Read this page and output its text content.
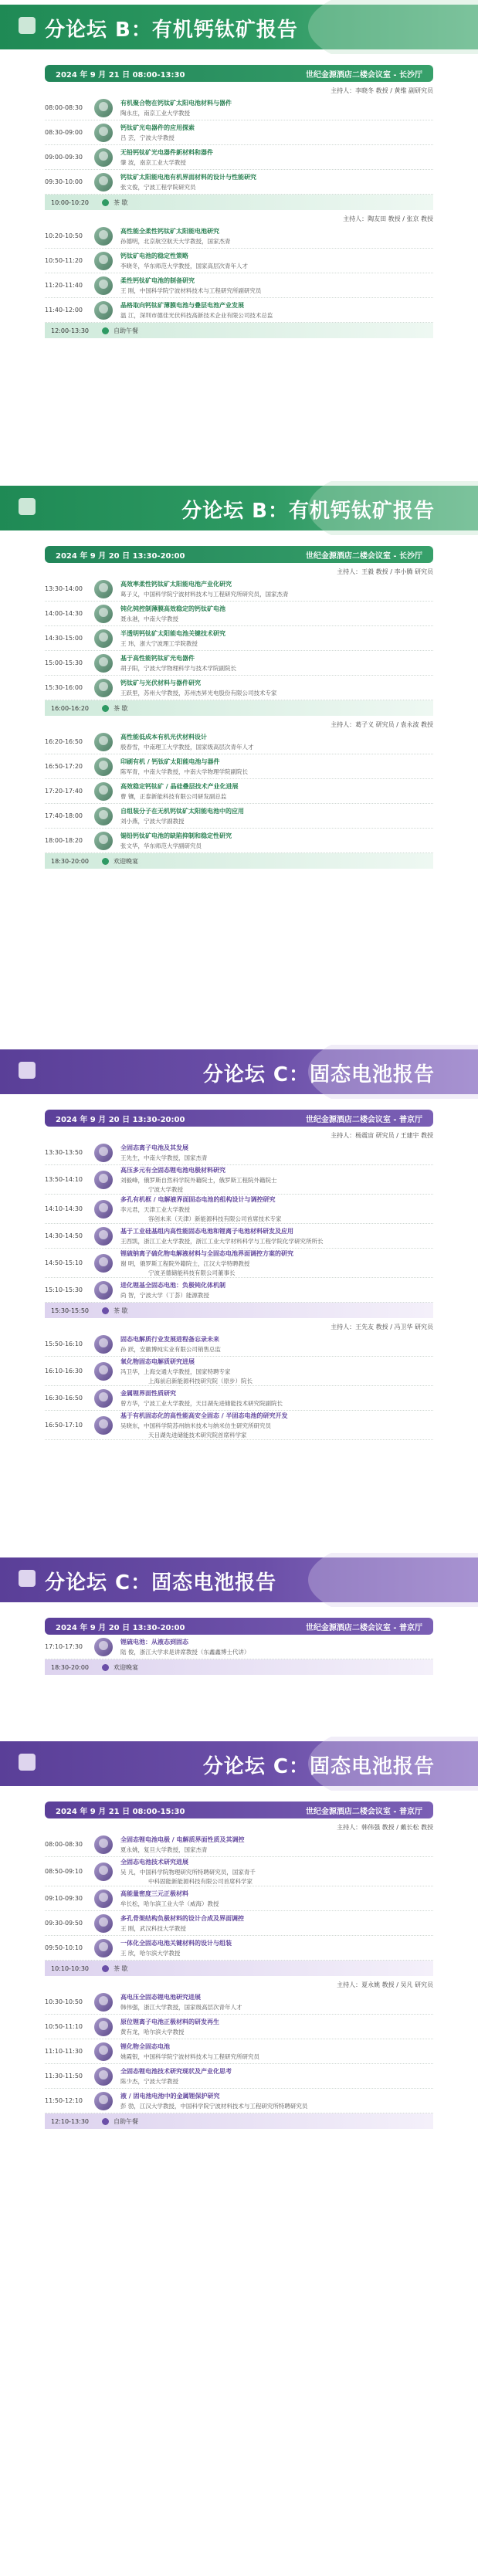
分论坛 B：有机钙钛矿报告
2024 年 9 月 21 日 08:00-13:30	世纪金源酒店二楼会议室 - 长沙厅
主持人：李晓冬 教授 / 黄维 副研究员
08:00-08:30
有机聚合物在钙钛矿太阳电池材料与器件
陶永庄，南京工业大学教授
08:30-09:00
钙钛矿光电器件的应用探索
吕 芸，宁波大学教授
09:00-09:30
无铅钙钛矿光电器件新材料和器件
肇 波，南京工业大学教授
09:30-10:00
钙钛矿太阳能电池有机界面材料的设计与性能研究
张文俊，宁波工程学院研究员
10:00-10:20	茶 歇
主持人：陶友田 教授 / 张京 教授
10:20-10:50
高性能全柔性钙钛矿太阳能电池研究
孙德明，北京航空航天大学教授，国家杰青
10:50-11:20
钙钛矿电池的稳定性策略
李晓冬，华东师范大学教授，国家高层次青年人才
11:20-11:40
柔性钙钛矿电池的制备研究
王 刚，中国科学院宁波材料技术与工程研究所副研究员
11:40-12:00
晶格取向钙钛矿薄膜电池与叠层电池产业发展
温 江，深圳市德佳光伏科技高新技术企业有限公司技术总监
12:00-13:30	自助午餐
分论坛 B：有机钙钛矿报告
2024 年 9 月 20 日 13:30-20:00	世纪金源酒店二楼会议室 - 长沙厅
主持人：王毅 教授 / 李小腾 研究员
13:30-14:00
高效率柔性钙钛矿太阳能电池产业化研究
葛子义，中国科学院宁波材料技术与工程研究所研究员，国家杰青
14:00-14:30
钝化钝控制薄膜高效稳定的钙钛矿电池
聂永港，中南大学教授
14:30-15:00
半透明钙钛矿太阳能电池关键技术研究
王 玮，浙大宁波理工学院教授
15:00-15:30
基于高性能钙钛矿光电器件
胡子阳，宁波大学物理科学与技术学院副院长
15:30-16:00
钙钛矿与光伏材料与器件研究
王跃里，苏州大学教授，苏州杰昇光电股份有限公司技术专家
16:00-16:20	茶 歇
主持人：葛子义 研究员 / 袁永波 教授
16:20-16:50
高性能低成本有机光伏材料设计
殷春雪，中南理工大学教授，国家级高层次青年人才
16:50-17:20
印刷有机 / 钙钛矿太阳能电池与器件
陈军青，中南大学教授，中南大学物理学院副院长
17:20-17:40
高效稳定钙钛矿 / 晶硅叠层技术产业化进展
曹 镶，正泰新能科技有限公司研发副总监
17:40-18:00
自组装分子在无机钙钛矿太阳能电池中的应用
刘小燕，宁波大学副教授
18:00-18:20
锡铅钙钛矿电池的缺陷抑制和稳定性研究
张文华，华东师范大学副研究员
18:30-20:00	欢迎晚宴
分论坛 C：固态电池报告
2024 年 9 月 20 日 13:30-20:00	世纪金源酒店二楼会议室 - 普京厅
主持人：杨震宙 研究员 / 王建宇 教授
13:30-13:50
全固态离子电池及其发展
王先生，中南大学教授，国家杰青
13:50-14:10
高压多元有全固态锂电池电极材料研究
刘毅峰，俄罗斯自然科学院外籍院士，俄罗斯工程院外籍院士
宁波大学教授
14:10-14:30
多孔有机框 / 电解液界面固态电池的组构设计与调控研究
李元君，天津工业大学教授
容创未来（天津）新能源科技有限公司首席技术专家
14:30-14:50
基于工业硅基组内高性能固态电池和锂离子电池材料研发及应用
王西凯，浙江工业大学教授，浙江工业大学材料科学与工程学院化学研究所所长
14:50-15:10
锂硫钠离子硫化物电解液材料与全固态电池界面调控方案的研究
谢 明，俄罗斯工程院外籍院士，江汉大学特聘教授
宁波圣德储能科技有限公司董事长
15:10-15:30
进化锂基全固态电池：负极钝化体机制
尚 智，宁波大学（丁荟）能源教授
15:30-15:50	茶 歇
主持人：王先友 教授 / 冯卫华 研究员
15:50-16:10
固态电解质行业发展进程备忘录未来
孙 跃，安徽博纯实业有限公司销售总监
16:10-16:30
氧化物固态电解质研究进展
冯卫华，上海交通大学教授，国家特聘专家
上海前启新能源科技研究院（原步）院长
16:30-16:50
金属锂界面性质研究
曾方华，宁波工业大学教授，天目湖先进储能技术研究院副院长
16:50-17:10
基于有机固态化的高性能高安全固态 / 半固态电池的研究开发
吴晓东，中国科学院苏州纳米技术与纳米仿生研究所研究员
天目湖先进储能技术研究院首席科学家
分论坛 C：固态电池报告
2024 年 9 月 20 日 13:30-20:00	世纪金源酒店二楼会议室 - 普京厅
17:10-17:30
锂硫电池：从液态到固态
陆 俊，浙江大学求是讲席教授（东鑫鑫博士代讲）
18:30-20:00	欢迎晚宴
分论坛 C：固态电池报告
2024 年 9 月 21 日 08:00-15:30	世纪金源酒店二楼会议室 - 普京厅
主持人：韩伟强 教授 / 戴长松 教授
08:00-08:30
全固态锂电池电极 / 电解质界面性质及其调控
夏永姚，复旦大学教授，国家杰青
08:50-09:10
全固态电池技术研究进展
吴 凡，中国科学院物理研究所特聘研究员，国家青千
中科固能新能源科技有限公司首席科学家
09:10-09:30
高能量密度三元正极材料
牟长松，哈尔滨工业大学（威海）教授
09:30-09:50
多孔骨架结构负极材料的设计合成及界面调控
王 刚，武汉科技大学教授
09:50-10:10
一体化全固态电池关键材料的设计与组装
王 欣，哈尔滨大学教授
10:10-10:30	茶 歇
主持人：夏永姚 教授 / 吴凡 研究员
10:30-10:50
高电压全固态锂电池研究进展
韩伟强，浙江大学教授，国家级高层次青年人才
10:50-11:10
原位锂离子电池正极材料的研发再生
黄有龙，哈尔滨大学教授
11:10-11:30
锂化物全固态电池
姚霞银，中国科学院宁波材料技术与工程研究所研究员
11:30-11:50
全固态锂电池技术研究现状及产业化思考
陈少杰，宁波大学教授
11:50-12:10
液 / 固电池电池中的金属锂保护研究
彭 勃，江汉大学教授，中国科学院宁波材料技术与工程研究所特聘研究员
12:10-13:30	自助午餐
